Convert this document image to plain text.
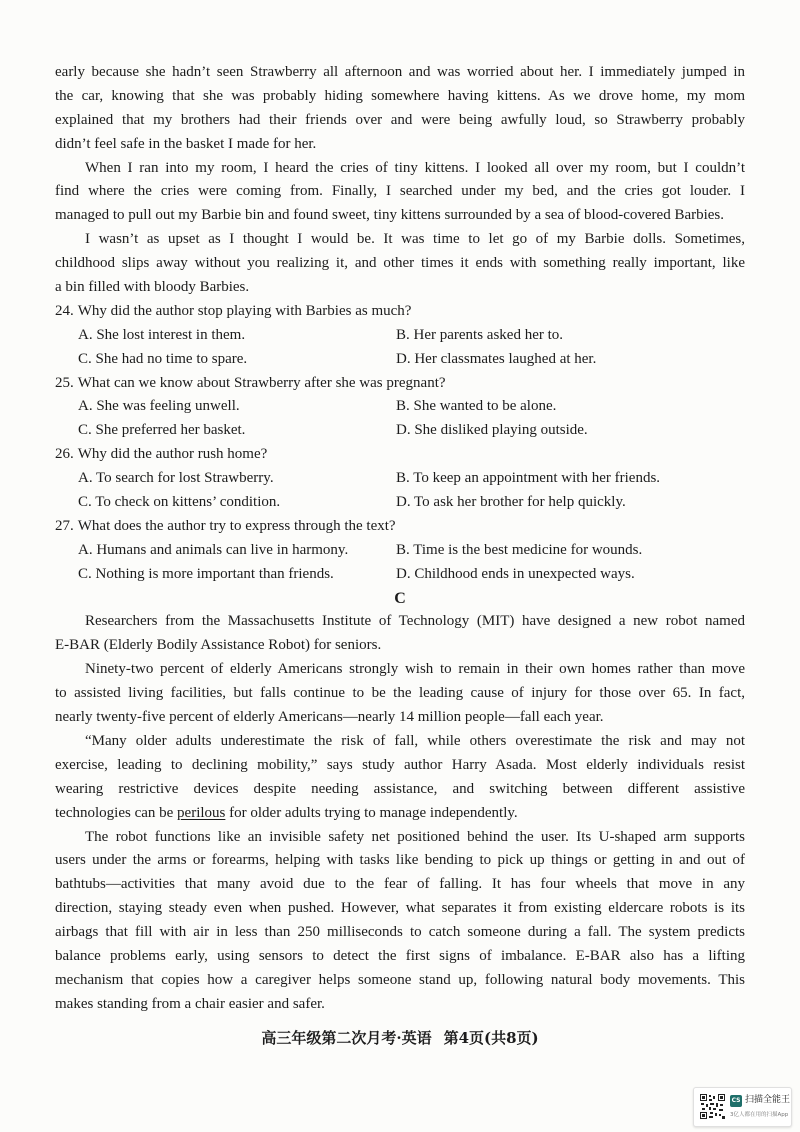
early because she hadn’t seen Strawberry all afternoon and was worried about her. I immediately jumped in
the car, knowing that she was probably hiding somewhere having kittens. As we drove home, my mom
explained that my brothers had their friends over and were being awfully loud, so Strawberry probably
didn’t feel safe in the basket I made for her.
When I ran into my room, I heard the cries of tiny kittens. I looked all over my room, but I couldn’t
find where the cries were coming from. Finally, I searched under my bed, and the cries got louder. I
managed to pull out my Barbie bin and found sweet, tiny kittens surrounded by a sea of blood-covered Barbies.
I wasn’t as upset as I thought I would be. It was time to let go of my Barbie dolls. Sometimes,
childhood slips away without you realizing it, and other times it ends with something really important, like
a bin filled with bloody Barbies.
24. Why did the author stop playing with Barbies as much?
A. She lost interest in them.	B. Her parents asked her to.
C. She had no time to spare.	D. Her classmates laughed at her.
25. What can we know about Strawberry after she was pregnant?
A. She was feeling unwell.	B. She wanted to be alone.
C. She preferred her basket.	D. She disliked playing outside.
26. Why did the author rush home?
A. To search for lost Strawberry.	B. To keep an appointment with her friends.
C. To check on kittens’ condition.	D. To ask her brother for help quickly.
27. What does the author try to express through the text?
A. Humans and animals can live in harmony.	B. Time is the best medicine for wounds.
C. Nothing is more important than friends.	D. Childhood ends in unexpected ways.
C
Researchers from the Massachusetts Institute of Technology (MIT) have designed a new robot named
E-BAR (Elderly Bodily Assistance Robot) for seniors.
Ninety-two percent of elderly Americans strongly wish to remain in their own homes rather than move
to assisted living facilities, but falls continue to be the leading cause of injury for those over 65. In fact,
nearly twenty-five percent of elderly Americans—nearly 14 million people—fall each year.
“Many older adults underestimate the risk of fall, while others overestimate the risk and may not
exercise, leading to declining mobility,” says study author Harry Asada. Most elderly individuals resist
wearing restrictive devices despite needing assistance, and switching between different assistive
technologies can be perilous for older adults trying to manage independently.
The robot functions like an invisible safety net positioned behind the user. Its U-shaped arm supports
users under the arms or forearms, helping with tasks like bending to pick up things or getting in and out of
bathtubs—activities that many avoid due to the fear of falling. It has four wheels that move in any
direction, staying steady even when pushed. However, what separates it from existing eldercare robots is its
airbags that fill with air in less than 250 milliseconds to catch someone during a fall. The system predicts
balance problems early, using sensors to detect the first signs of imbalance. E-BAR also has a lifting
mechanism that copies how a caregiver helps someone stand up, following natural body movements. This
makes standing from a chair easier and safer.
高三年级第二次月考·英语 第4页(共8页)
CS 扫描全能王
3亿人都在用的扫描App
